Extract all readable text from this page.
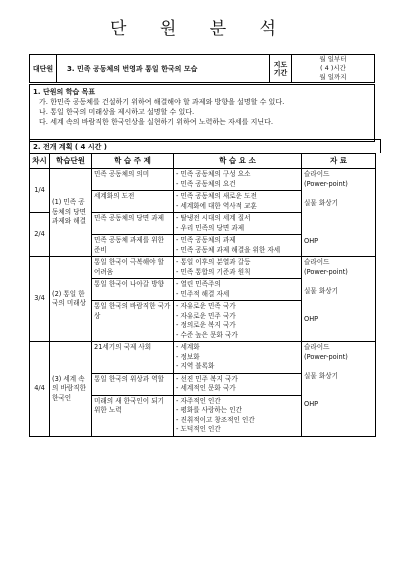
단 원 분 석
대단원	3. 민족 공동체의 번영과 통일 한국의 모습	지도
기간

월 일부터
( 4 )시간
월 일까지
1. 단원의 학습 목표
가. 한민족 공동체를 건설하기 위하여 해결해야 할 과제와 방향을 설명할 수 있다.
나. 통일 한국의 미래상을 제시하고 설명할 수 있다.
다. 세계 속의 바람직한 한국인상을 실현하기 위하여 노력하는 자세를 지닌다.
2. 전개 계획 ( 4 시간 )
차시	학습단원	학 습 주 제	학 습 요 소	자 료
1/4	(1) 민족 공동체의 당면 과제와 해결	민족 공동체의 의미	- 민족 공동체의 구성 요소
- 민족 공동체의 요건	슬라이드
(Power-point)

실물 화상기

OHP

		세계화의 도전	- 민족 공동체의 새로운 도전
- 세계화에 대한 역사적 교훈	

2/4		민족 공동체의 당면 과제	- 탈냉전 시대의 세계 질서
- 우리 민족의 당면 과제	

		민족 공동체 과제를 위한 준비	- 민족 공동체의 과제
- 민족 공동체 과제 해결을 위한 자세	

3/4	(2) 통일 한국의 미래상	통일 한국이 극복해야 할 어려움	- 통일 이후의 분열과 갈등
- 민족 통합의 기준과 원칙	슬라이드
(Power-point)

실물 화상기

OHP

		통일 한국이 나아갈 방향	- 열린 민족주의
- 민주적 해결 자세	

		통일 한국의 바람직한 국가상	- 자유로운 민족 국가
- 자유로운 민주 국가
- 정의로운 복지 국가
- 수준 높은 문화 국가	

4/4	(3) 세계 속의 바람직한 한국인	21세기의 국제 사회	- 세계화
- 정보화
- 지역 블록화	슬라이드
(Power-point)

실물 화상기

OHP

		통일 한국의 위상과 역할	- 선진 민주 복지 국가
- 세계적인 문화 국가	

		미래의 새 한국인이 되기 위한 노력	- 자주적인 인간
- 평화를 사랑하는 인간
- 진취적이고 창조적인 인간
- 도덕적인 인간	
